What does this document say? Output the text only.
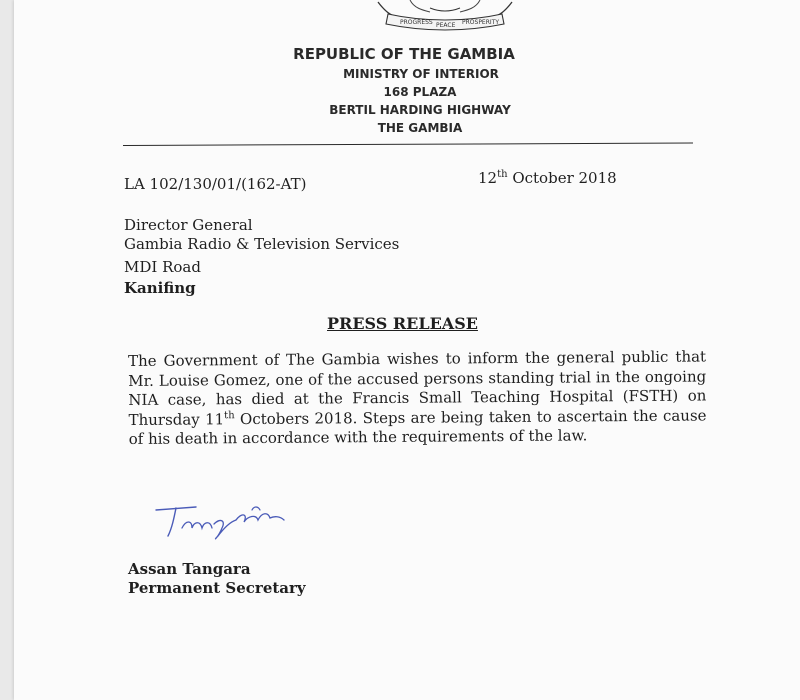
PROGRESS PEACE PROSPERITY
REPUBLIC OF THE GAMBIA
MINISTRY OF INTERIOR
168 PLAZA
BERTIL HARDING HIGHWAY
THE GAMBIA
LA 102/130/01/(162-AT)	12th October 2018
Director General
Gambia Radio & Television Services
MDI Road
Kanifing
PRESS RELEASE
The Government of The Gambia wishes to inform the general public that Mr. Louise Gomez, one of the accused persons standing trial in the ongoing NIA case, has died at the Francis Small Teaching Hospital (FSTH) on Thursday 11th Octobers 2018. Steps are being taken to ascertain the cause of his death in accordance with the requirements of the law.
Assan Tangara
Permanent Secretary
